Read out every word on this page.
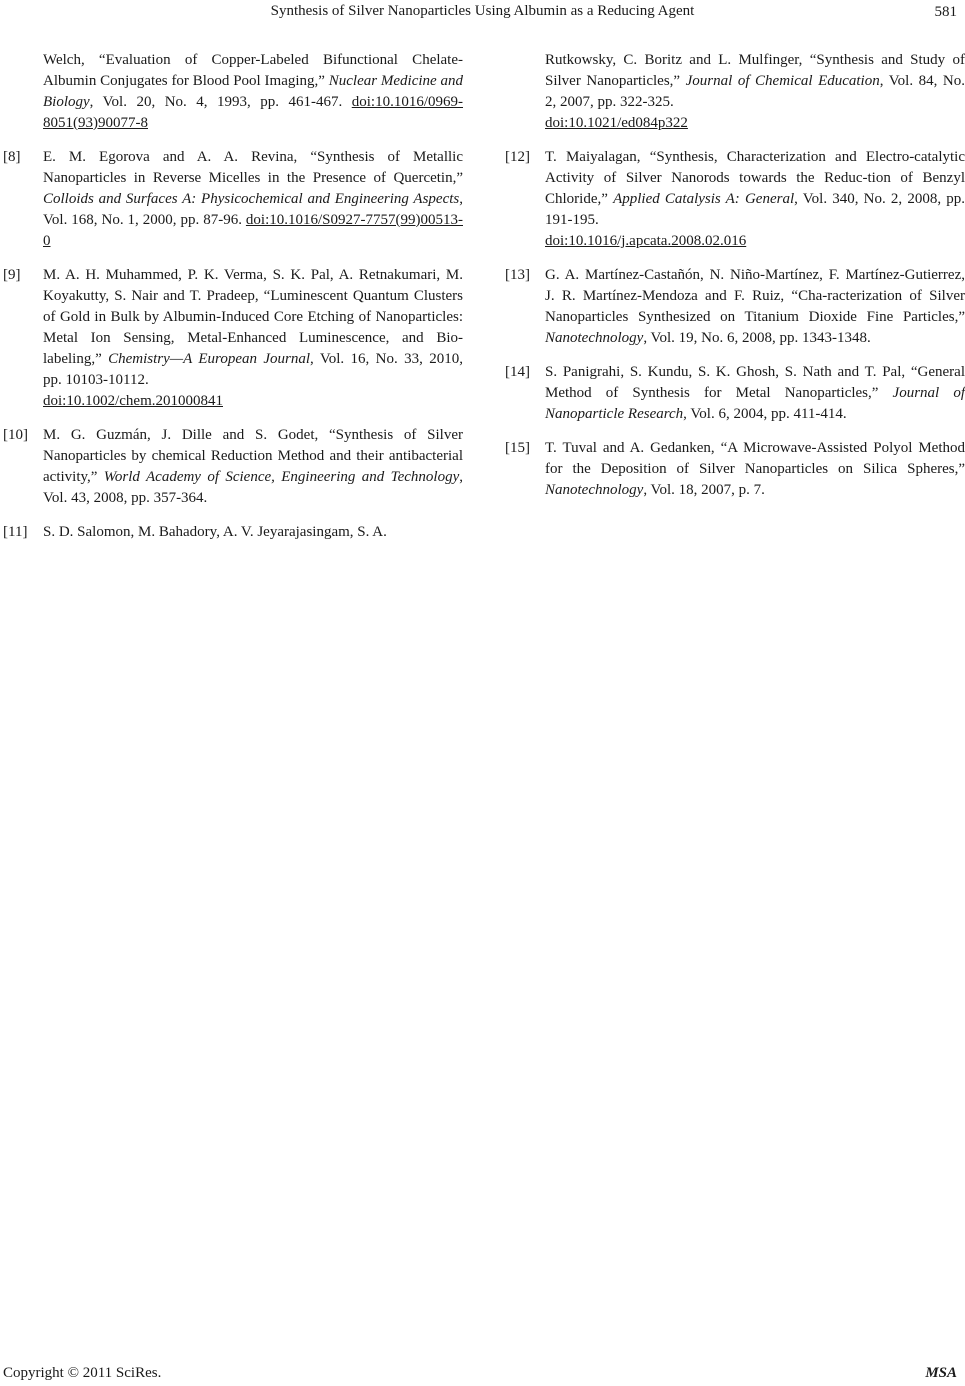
Synthesis of Silver Nanoparticles Using Albumin as a Reducing Agent	581
Welch, “Evaluation of Copper-Labeled Bifunctional Chelate-Albumin Conjugates for Blood Pool Imaging,” Nuclear Medicine and Biology, Vol. 20, No. 4, 1993, pp. 461-467. doi:10.1016/0969-8051(93)90077-8
[8] E. M. Egorova and A. A. Revina, “Synthesis of Metallic Nanoparticles in Reverse Micelles in the Presence of Quercetin,” Colloids and Surfaces A: Physicochemical and Engineering Aspects, Vol. 168, No. 1, 2000, pp. 87-96. doi:10.1016/S0927-7757(99)00513-0
[9] M. A. H. Muhammed, P. K. Verma, S. K. Pal, A. Retnakumari, M. Koyakutty, S. Nair and T. Pradeep, “Luminescent Quantum Clusters of Gold in Bulk by Albumin-Induced Core Etching of Nanoparticles: Metal Ion Sensing, Metal-Enhanced Luminescence, and Bio-labeling,” Chemistry—A European Journal, Vol. 16, No. 33, 2010, pp. 10103-10112.
doi:10.1002/chem.201000841
[10] M. G. Guzmán, J. Dille and S. Godet, “Synthesis of Silver Nanoparticles by chemical Reduction Method and their antibacterial activity,” World Academy of Science, Engineering and Technology, Vol. 43, 2008, pp. 357-364.
[11] S. D. Salomon, M. Bahadory, A. V. Jeyarajasingam, S. A.
Rutkowsky, C. Boritz and L. Mulfinger, “Synthesis and Study of Silver Nanoparticles,” Journal of Chemical Education, Vol. 84, No. 2, 2007, pp. 322-325.
doi:10.1021/ed084p322
[12] T. Maiyalagan, “Synthesis, Characterization and Electro-catalytic Activity of Silver Nanorods towards the Reduc-tion of Benzyl Chloride,” Applied Catalysis A: General, Vol. 340, No. 2, 2008, pp. 191-195.
doi:10.1016/j.apcata.2008.02.016
[13] G. A. Martínez-Castañón, N. Niño-Martínez, F. Martínez-Gutierrez, J. R. Martínez-Mendoza and F. Ruiz, “Cha-racterization of Silver Nanoparticles Synthesized on Titanium Dioxide Fine Particles,” Nanotechnology, Vol. 19, No. 6, 2008, pp. 1343-1348.
[14] S. Panigrahi, S. Kundu, S. K. Ghosh, S. Nath and T. Pal, “General Method of Synthesis for Metal Nanoparticles,” Journal of Nanoparticle Research, Vol. 6, 2004, pp. 411-414.
[15] T. Tuval and A. Gedanken, “A Microwave-Assisted Polyol Method for the Deposition of Silver Nanoparticles on Silica Spheres,” Nanotechnology, Vol. 18, 2007, p. 7.
Copyright © 2011 SciRes.	MSA
